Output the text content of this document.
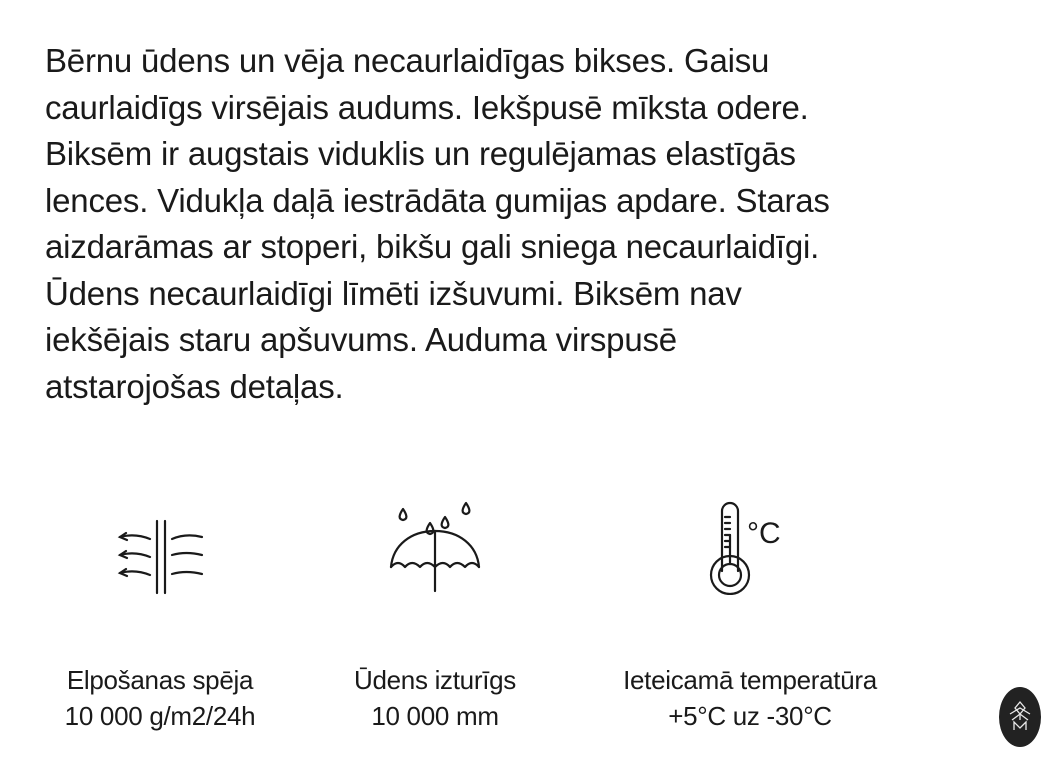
Bērnu ūdens un vēja necaurlaidīgas bikses. Gaisu
caurlaidīgs virsējais audums. Iekšpusē mīksta odere.
Biksēm ir augstais viduklis un regulējamas elastīgās
lences. Vidukļa daļā iestrādāta gumijas apdare. Staras
aizdarāmas ar stoperi, bikšu gali sniega necaurlaidīgi.
Ūdens necaurlaidīgi līmēti izšuvumi. Biksēm nav
iekšējais staru apšuvums. Auduma virspusē
atstarojošas detaļas.

°C
Elpošanas spēja
10 000 g/m2/24h
Ūdens izturīgs
10 000 mm
Ieteicamā temperatūra
+5°C uz -30°C
